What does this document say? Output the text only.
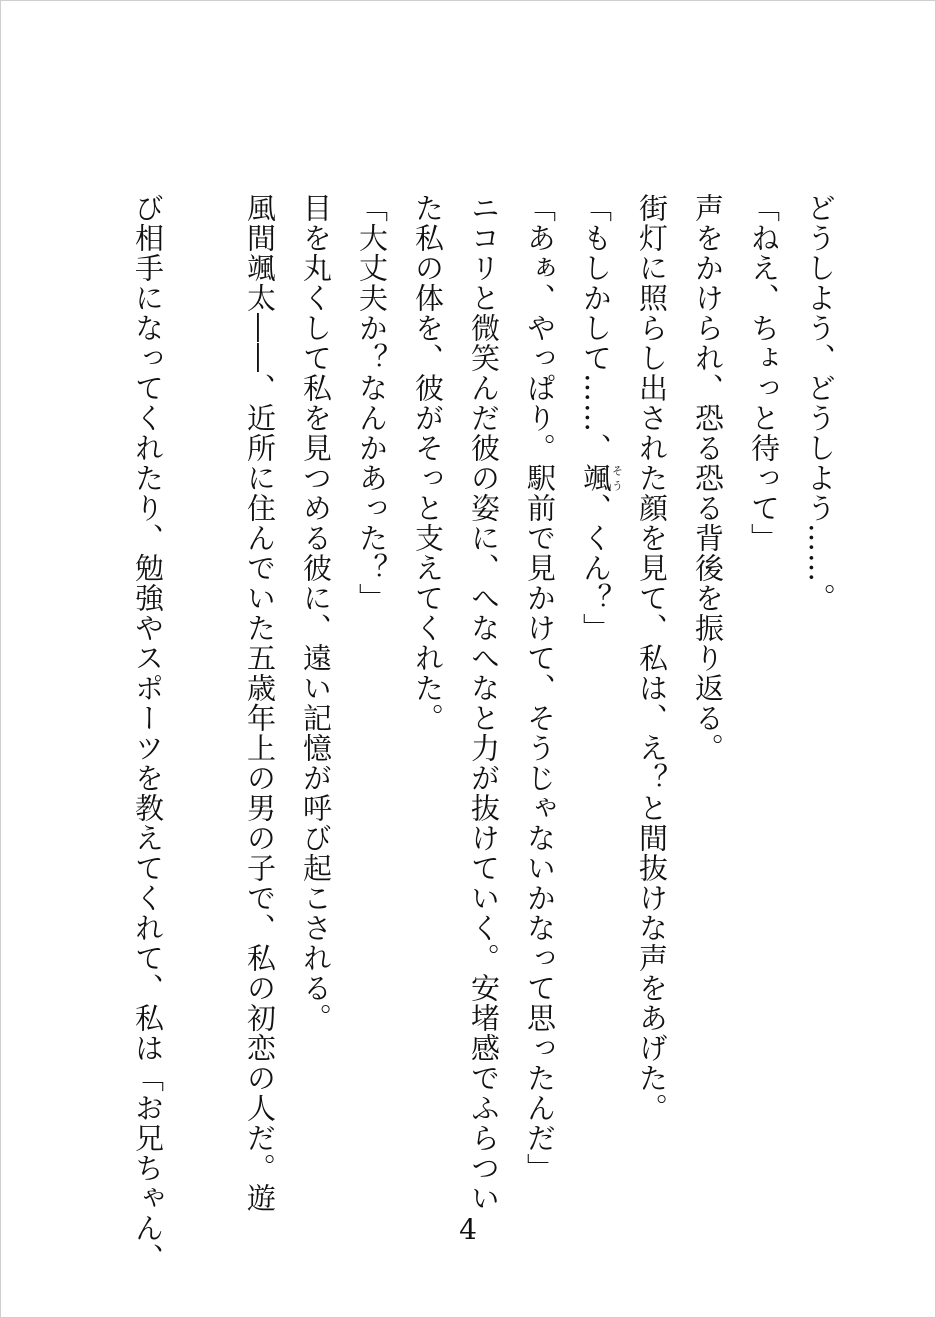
どうしよう、どうしよう……。

「ねえ、ちょっと待って」

声をかけられ、恐る恐る背後を振り返る。

街灯に照らし出された顔を見て、私は、え？と間抜けな声をあげた。

「もしかして……、颯そう、くん？」

「あぁ、やっぱり。駅前で見かけて、そうじゃないかなって思ったんだ」

ニコリと微笑んだ彼の姿に、へなへなと力が抜けていく。安堵感でふらつい

た私の体を、彼がそっと支えてくれた。

「大丈夫か？なんかあった？」

目を丸くして私を見つめる彼に、遠い記憶が呼び起こされる。

風間颯太――、近所に住んでいた五歳年上の男の子で、私の初恋の人だ。遊

び相手になってくれたり、勉強やスポーツを教えてくれて、私は「お兄ちゃん、	4
